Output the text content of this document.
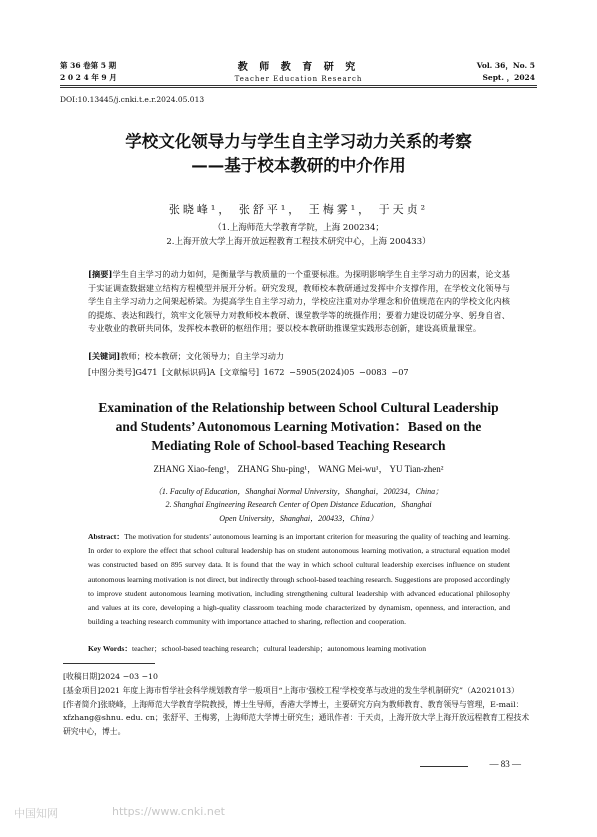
第 36 卷第 5 期
2 0 2 4 年 9 月
教 师 教 育 研 究
Teacher Education Research
Vol. 36，No. 5
Sept. ，2024
DOI:10.13445/j.cnki.t.e.r.2024.05.013
学校文化领导力与学生自主学习动力关系的考察
——基于校本教研的中介作用
张晓峰¹， 张舒平¹， 王梅雾¹， 于天贞²
（1.上海师范大学教育学院，上海 200234；
2.上海开放大学上海开放远程教育工程技术研究中心，上海 200433）
[摘要]学生自主学习的动力如何，是衡量学与教质量的一个重要标准。为探明影响学生自主学习动力的因素，论文基于实证调查数据建立结构方程模型并展开分析。研究发现，教师校本教研通过发挥中介支撑作用，在学校文化领导与学生自主学习动力之间架起桥梁。为提高学生自主学习动力，学校应注重对办学理念和价值规范在内的学校文化内核的提炼、表达和践行，筑牢文化领导力对教师校本教研、课堂教学等的统摄作用；要着力建设切磋分享、躬身自省、专业敬业的教研共同体，发挥校本教研的枢纽作用；要以校本教研助推课堂实践形态创新，建设高质量课堂。
[关键词]教师；校本教研；文化领导力；自主学习动力
[中图分类号]G471 [文献标识码]A [文章编号] 1672 −5905(2024)05 −0083 −07
Examination of the Relationship between School Cultural Leadership
and Students’ Autonomous Learning Motivation：Based on the
Mediating Role of School-based Teaching Research
ZHANG Xiao-feng¹， ZHANG Shu-ping¹， WANG Mei-wu¹， YU Tian-zhen²
（1. Faculty of Education，Shanghai Normal University，Shanghai，200234，China；
2. Shanghai Engineering Research Center of Open Distance Education，Shanghai
Open University，Shanghai，200433，China）
Abstract：The motivation for students’ autonomous learning is an important criterion for measuring the quality of teaching and learning. In order to explore the effect that school cultural leadership has on student autonomous learning motivation, a structural equation model was constructed based on 895 survey data. It is found that the way in which school cultural leadership exercises influence on student autonomous learning motivation is not direct, but indirectly through school-based teaching research. Suggestions are proposed accordingly to improve student autonomous learning motivation, including strengthening cultural leadership with advanced educational philosophy and values at its core, developing a high-quality classroom teaching mode characterized by dynamism, openness, and interaction, and building a teaching research community with importance attached to sharing, reflection and cooperation.
Key Words：teacher；school-based teaching research；cultural leadership；autonomous learning motivation

[收稿日期]2024 −03 −10

[基金项目]2021 年度上海市哲学社会科学规划教育学一般项目“上海市‘强校工程’学校变革与改进的发生学机制研究”（A2021013）

[作者简介]张晓峰，上海师范大学教育学院教授，博士生导师，香港大学博士，主要研究方向为教师教育、教育领导与管理，E-mail：xfzhang@shnu. edu. cn；张舒平、王梅雾，上海师范大学博士研究生；通讯作者：于天贞，上海开放大学上海开放远程教育工程技术研究中心，博士。

— 83 —
中国知网	https://www.cnki.net
